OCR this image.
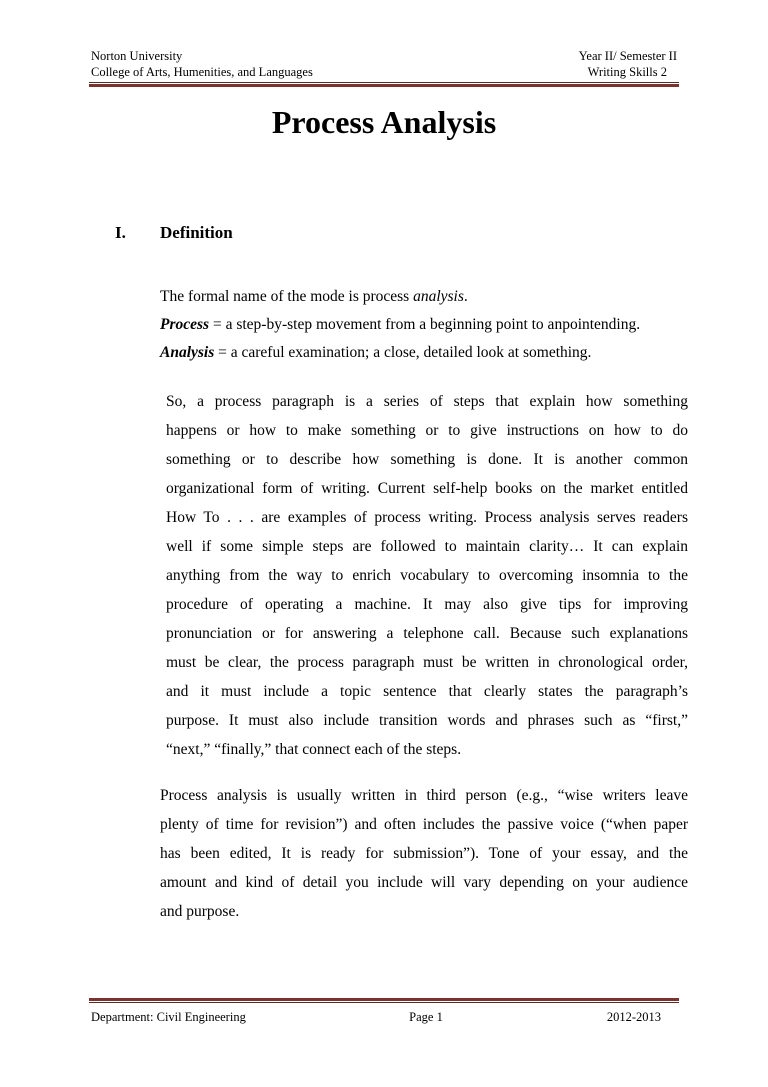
Norton University	Year II/ Semester II
College of Arts, Humenities, and Languages	Writing Skills 2
Process Analysis
I. Definition
The formal name of the mode is process analysis.
Process = a step-by-step movement from a beginning point to anpointending.
Analysis = a careful examination; a close, detailed look at something.
So, a process paragraph is a series of steps that explain how something
happens or how to make something or to give instructions on how to do
something or to describe how something is done. It is another common
organizational form of writing. Current self-help books on the market entitled
How To . . . are examples of process writing. Process analysis serves readers
well if some simple steps are followed to maintain clarity… It can explain
anything from the way to enrich vocabulary to overcoming insomnia to the
procedure of operating a machine. It may also give tips for improving
pronunciation or for answering a telephone call. Because such explanations
must be clear, the process paragraph must be written in chronological order,
and it must include a topic sentence that clearly states the paragraph’s
purpose. It must also include transition words and phrases such as “first,”
“next,” “finally,” that connect each of the steps.
Process analysis is usually written in third person (e.g., “wise writers leave
plenty of time for revision”) and often includes the passive voice (“when paper
has been edited, It is ready for submission”). Tone of your essay, and the
amount and kind of detail you include will vary depending on your audience
and purpose.
Department: Civil Engineering	Page 1	2012-2013
